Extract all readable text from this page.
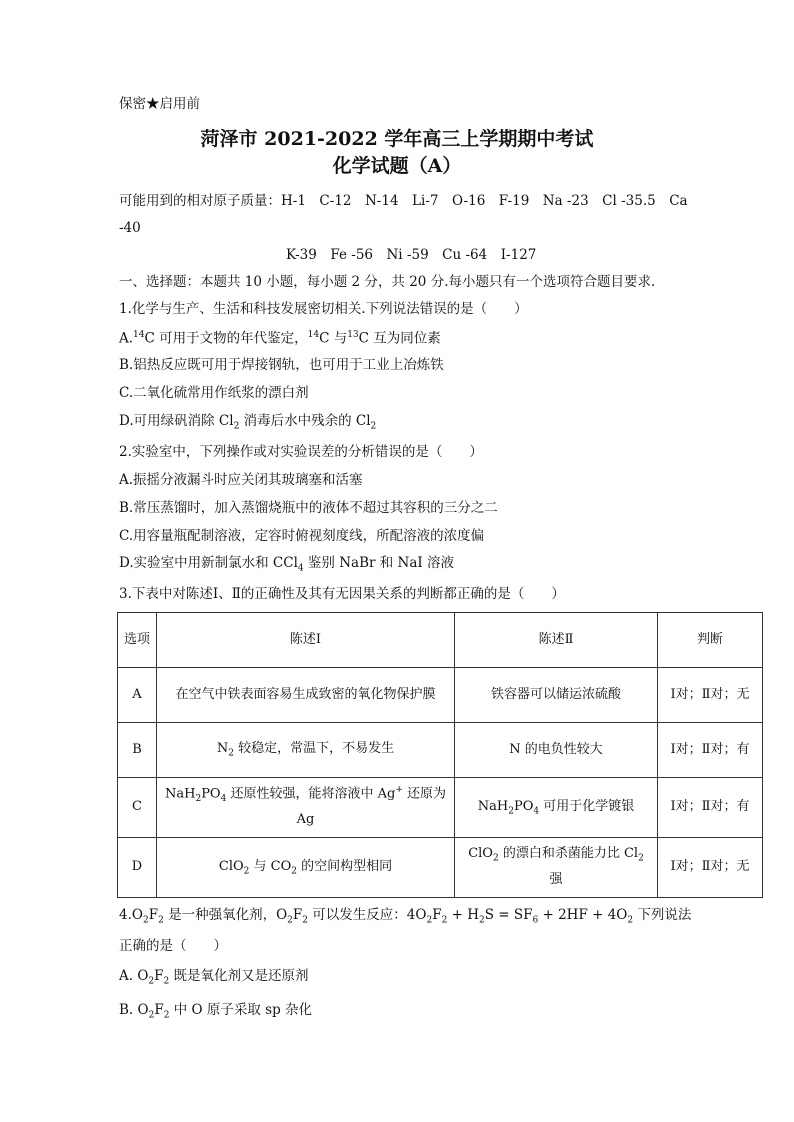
保密★启用前
菏泽市 2021-2022 学年高三上学期期中考试
化学试题（A）
可能用到的相对原子质量：H-1　C-12　N-14　Li-7　O-16　F-19　Na -23　Cl -35.5　Ca
-40
K-39　Fe -56　Ni -59　Cu -64　I-127
一、选择题：本题共 10 小题，每小题 2 分，共 20 分.每小题只有一个选项符合题目要求.
1.化学与生产、生活和科技发展密切相关.下列说法错误的是（　　）
A.$^{14}$C 可用于文物的年代鉴定，$^{14}$C 与$^{13}$C 互为同位素
B.铝热反应既可用于焊接钢轨，也可用于工业上冶炼铁
C.二氧化硫常用作纸浆的漂白剂
D.可用绿矾消除 $Cl_2$ 消毒后水中残余的 $Cl_2$
2.实验室中，下列操作或对实验误差的分析错误的是（　　）
A.振摇分液漏斗时应关闭其玻璃塞和活塞
B.常压蒸馏时，加入蒸馏烧瓶中的液体不超过其容积的三分之二
C.用容量瓶配制溶液，定容时俯视刻度线，所配溶液的浓度偏
D.实验室中用新制氯水和 CCl$_4$ 鉴别 NaBr 和 NaI 溶液
3.下表中对陈述Ⅰ、Ⅱ的正确性及其有无因果关系的判断都正确的是（　　）
选项	陈述Ⅰ	陈述Ⅱ	判断
A	在空气中铁表面容易生成致密的氧化物保护膜	铁容器可以储运浓硫酸	Ⅰ对；Ⅱ对；无
B	$N_2$ 较稳定，常温下，不易发生	N 的电负性较大	Ⅰ对；Ⅱ对；有
C	$NaH_2PO_4$ 还原性较强，能将溶液中 Ag+ 还原为 Ag	$NaH_2PO_4$ 可用于化学镀银	Ⅰ对；Ⅱ对；有
D	ClO$_2$ 与 $CO_2$ 的空间构型相同	ClO$_2$ 的漂白和杀菌能力比 $Cl_2$ 强	Ⅰ对；Ⅱ对；无
$4.O_2F_2$ 是一种强氧化剂，$O_2F_2$ 可以发生反应：$4O_2F_2 + H_2S = SF_6 + 2HF + 4O_2$ 下列说法
正确的是（　　）
A. $O_2F_2$ 既是氧化剂又是还原剂
B. $O_2F_2$ 中 O 原子采取 sp 杂化
